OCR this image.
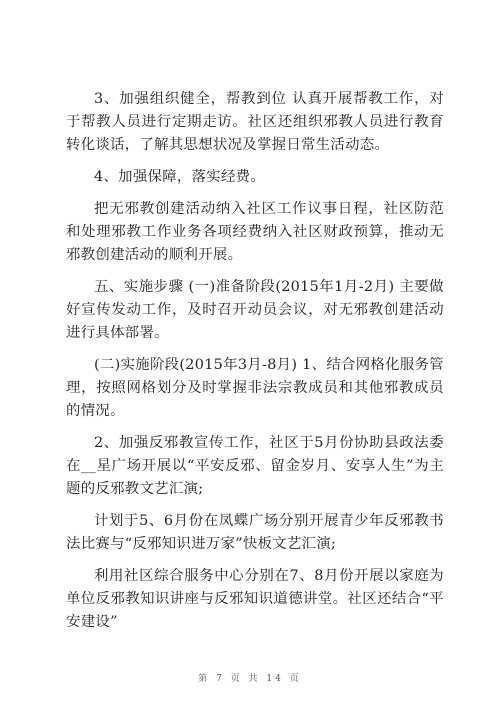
3、加强组织健全，帮教到位 认真开展帮教工作，对于帮教人员进行定期走访。社区还组织邪教人员进行教育转化谈话，了解其思想状况及掌握日常生活动态。

4、加强保障，落实经费。

把无邪教创建活动纳入社区工作议事日程，社区防范和处理邪教工作业务各项经费纳入社区财政预算，推动无邪教创建活动的顺利开展。

五、实施步骤 (一)准备阶段(2015年1月-2月) 主要做好宣传发动工作，及时召开动员会议，对无邪教创建活动进行具体部署。

(二)实施阶段(2015年3月-8月) 1、结合网格化服务管理，按照网格划分及时掌握非法宗教成员和其他邪教成员的情况。

2、加强反邪教宣传工作，社区于5月份协助县政法委在__星广场开展以“平安反邪、留金岁月、安享人生”为主题的反邪教文艺汇演;

计划于5、6月份在凤蝶广场分别开展青少年反邪教书法比赛与“反邪知识进万家”快板文艺汇演;

利用社区综合服务中心分别在7、8月份开展以家庭为单位反邪教知识讲座与反邪知识道德讲堂。社区还结合“平安建设”

第 7 页 共 14 页
